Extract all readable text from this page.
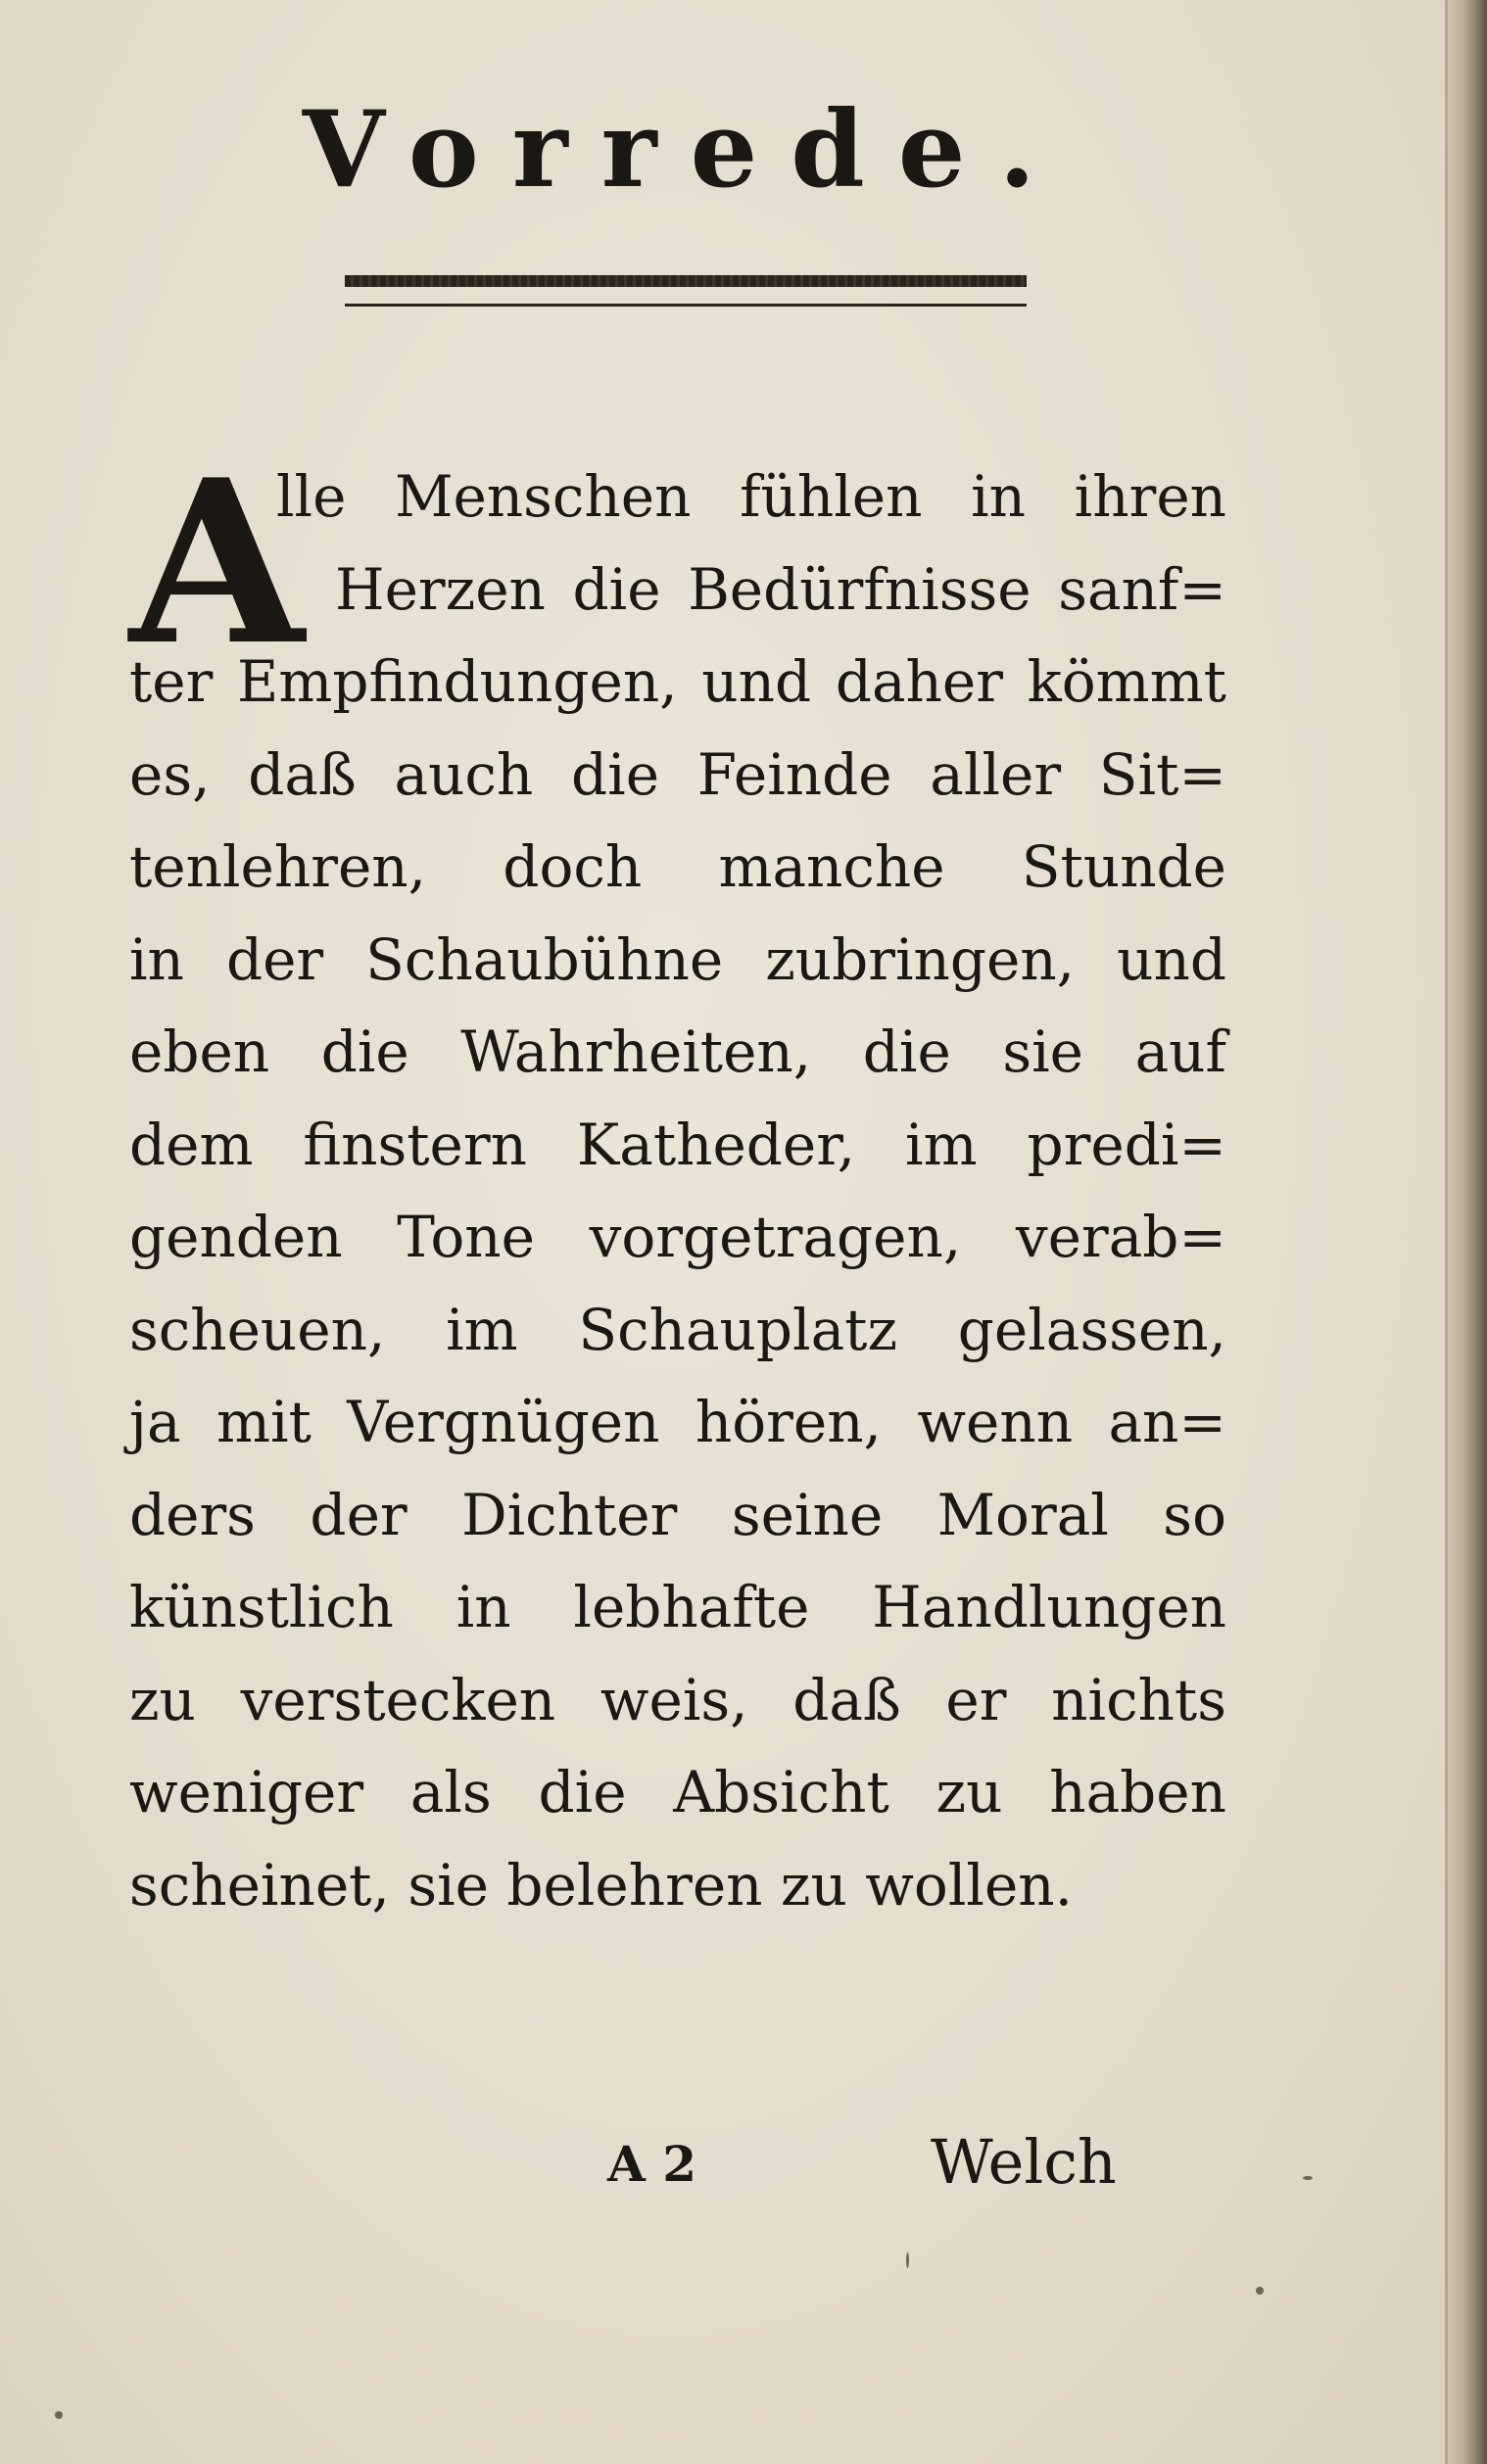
Vorrede.
A
lle Menschen fühlen in ihren
Herzen die Bedürfnisse sanf=
ter Empfindungen, und daher kömmt
es, daß auch die Feinde aller Sit=
tenlehren, doch manche Stunde
in der Schaubühne zubringen, und
eben die Wahrheiten, die sie auf
dem finstern Katheder, im predi=
genden Tone vorgetragen, verab=
scheuen, im Schauplatz gelassen,
ja mit Vergnügen hören, wenn an=
ders der Dichter seine Moral so
künstlich in lebhafte Handlungen
zu verstecken weis, daß er nichts
weniger als die Absicht zu haben
scheinet, sie belehren zu wollen.
A 2	Welch
